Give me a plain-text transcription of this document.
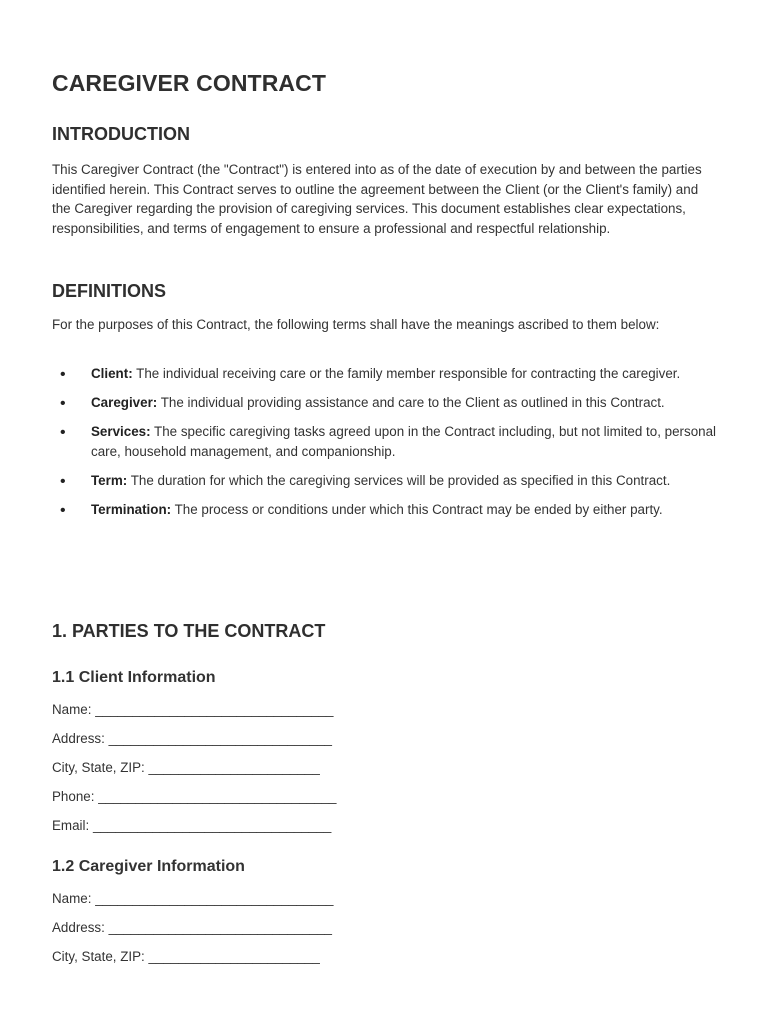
CAREGIVER CONTRACT
INTRODUCTION

This Caregiver Contract (the "Contract") is entered into as of the date of execution by and between the parties identified herein. This Contract serves to outline the agreement between the Client (or the Client's family) and the Caregiver regarding the provision of caregiving services. This document establishes clear expectations, responsibilities, and terms of engagement to ensure a professional and respectful relationship.

DEFINITIONS

For the purposes of this Contract, the following terms shall have the meanings ascribed to them below:

• Client: The individual receiving care or the family member responsible for contracting the caregiver.
• Caregiver: The individual providing assistance and care to the Client as outlined in this Contract.
• Services: The specific caregiving tasks agreed upon in the Contract including, but not limited to, personal care, household management, and companionship.
• Term: The duration for which the caregiving services will be provided as specified in this Contract.
• Termination: The process or conditions under which this Contract may be ended by either party.
1. PARTIES TO THE CONTRACT
1.1 Client Information
Name: ________________________________
Address: ______________________________
City, State, ZIP: _______________________
Phone: ________________________________
Email: ________________________________
1.2 Caregiver Information
Name: ________________________________
Address: ______________________________
City, State, ZIP: _______________________
